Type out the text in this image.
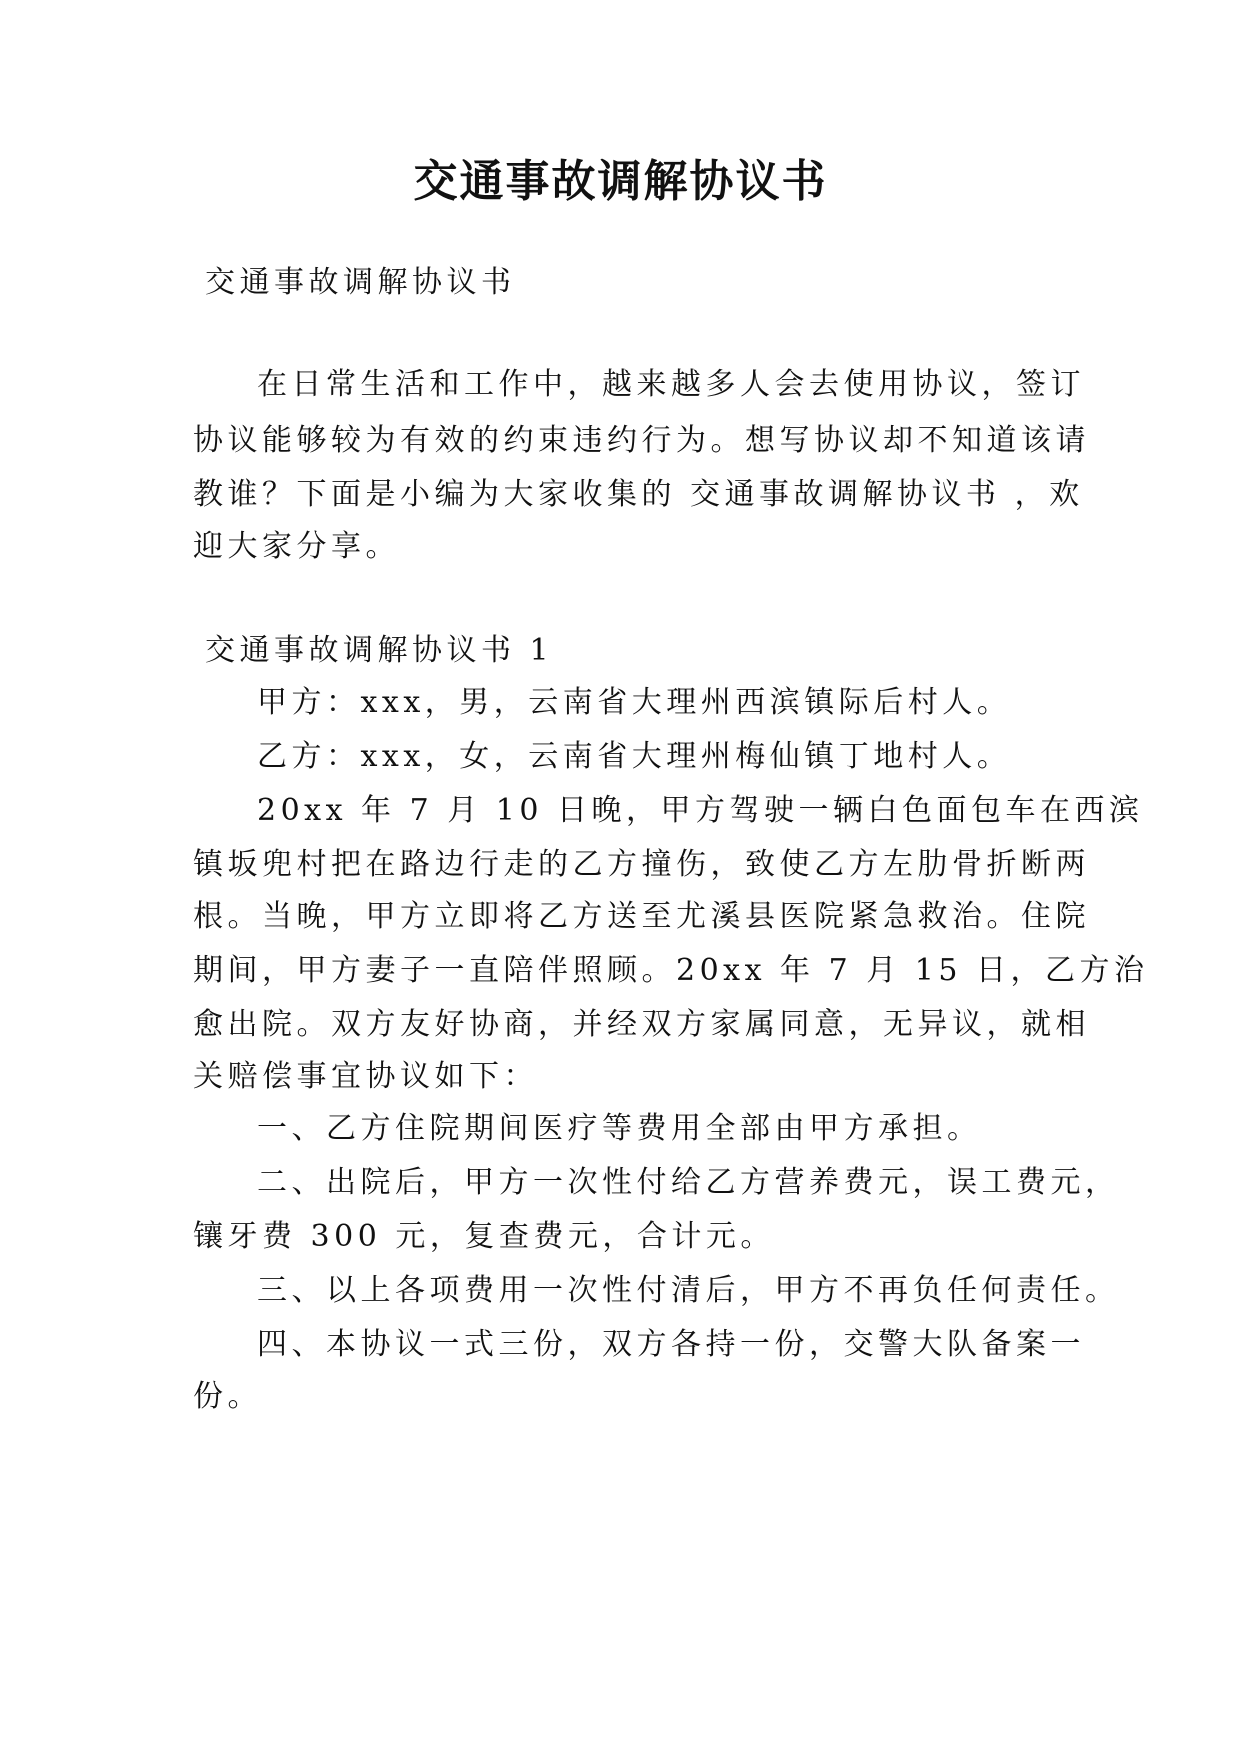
交通事故调解协议书
交通事故调解协议书
在日常生活和工作中，越来越多人会去使用协议，签订
协议能够较为有效的约束违约行为。想写协议却不知道该请
教谁？下面是小编为大家收集的 交通事故调解协议书 ，欢
迎大家分享。
交通事故调解协议书 1
甲方：xxx，男，云南省大理州西滨镇际后村人。
乙方：xxx，女，云南省大理州梅仙镇丁地村人。
20xx 年 7 月 10 日晚，甲方驾驶一辆白色面包车在西滨
镇坂兜村把在路边行走的乙方撞伤，致使乙方左肋骨折断两
根。当晚，甲方立即将乙方送至尤溪县医院紧急救治。住院
期间，甲方妻子一直陪伴照顾。20xx 年 7 月 15 日，乙方治
愈出院。双方友好协商，并经双方家属同意，无异议，就相
关赔偿事宜协议如下：
一、乙方住院期间医疗等费用全部由甲方承担。
二、出院后，甲方一次性付给乙方营养费元，误工费元，
镶牙费 300 元，复查费元，合计元。
三、以上各项费用一次性付清后，甲方不再负任何责任。
四、本协议一式三份，双方各持一份，交警大队备案一
份。
